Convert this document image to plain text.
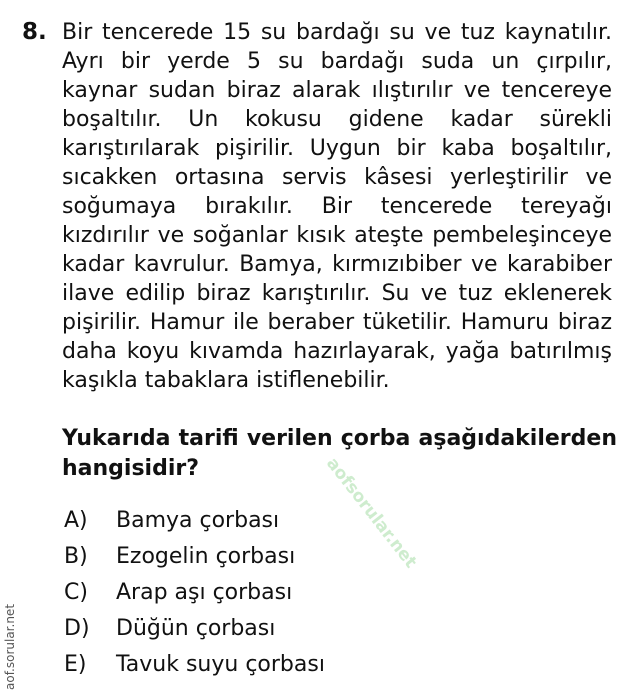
8. Bir tencerede 15 su bardağı su ve tuz kaynatılır. Ayrı bir yerde 5 su bardağı suda un çırpılır, kaynar sudan biraz alarak ılıştırılır ve tencereye boşaltılır. Un kokusu gidene kadar sürekli karıştırılarak pişirilir. Uygun bir kaba boşaltılır, sıcakken ortasına servis kâsesi yerleştirilir ve soğumaya bırakılır. Bir tencerede tereyağı kızdırılır ve soğanlar kısık ateşte pembeleşinceye kadar kavrulur. Bamya, kırmızıbiber ve karabiber ilave edilip biraz karıştırılır. Su ve tuz eklenerek pişirilir. Hamur ile beraber tüketilir. Hamuru biraz daha koyu kıvamda hazırlayarak, yağa batırılmış kaşıkla tabaklara istiflenebilir.
Yukarıda tarifi verilen çorba aşağıdakilerden hangisidir?
A)	Bamya çorbası
B)	Ezogelin çorbası
C)	Arap aşı çorbası
D)	Düğün çorbası
E)	Tavuk suyu çorbası
aofsorular.net
aof.sorular.net
